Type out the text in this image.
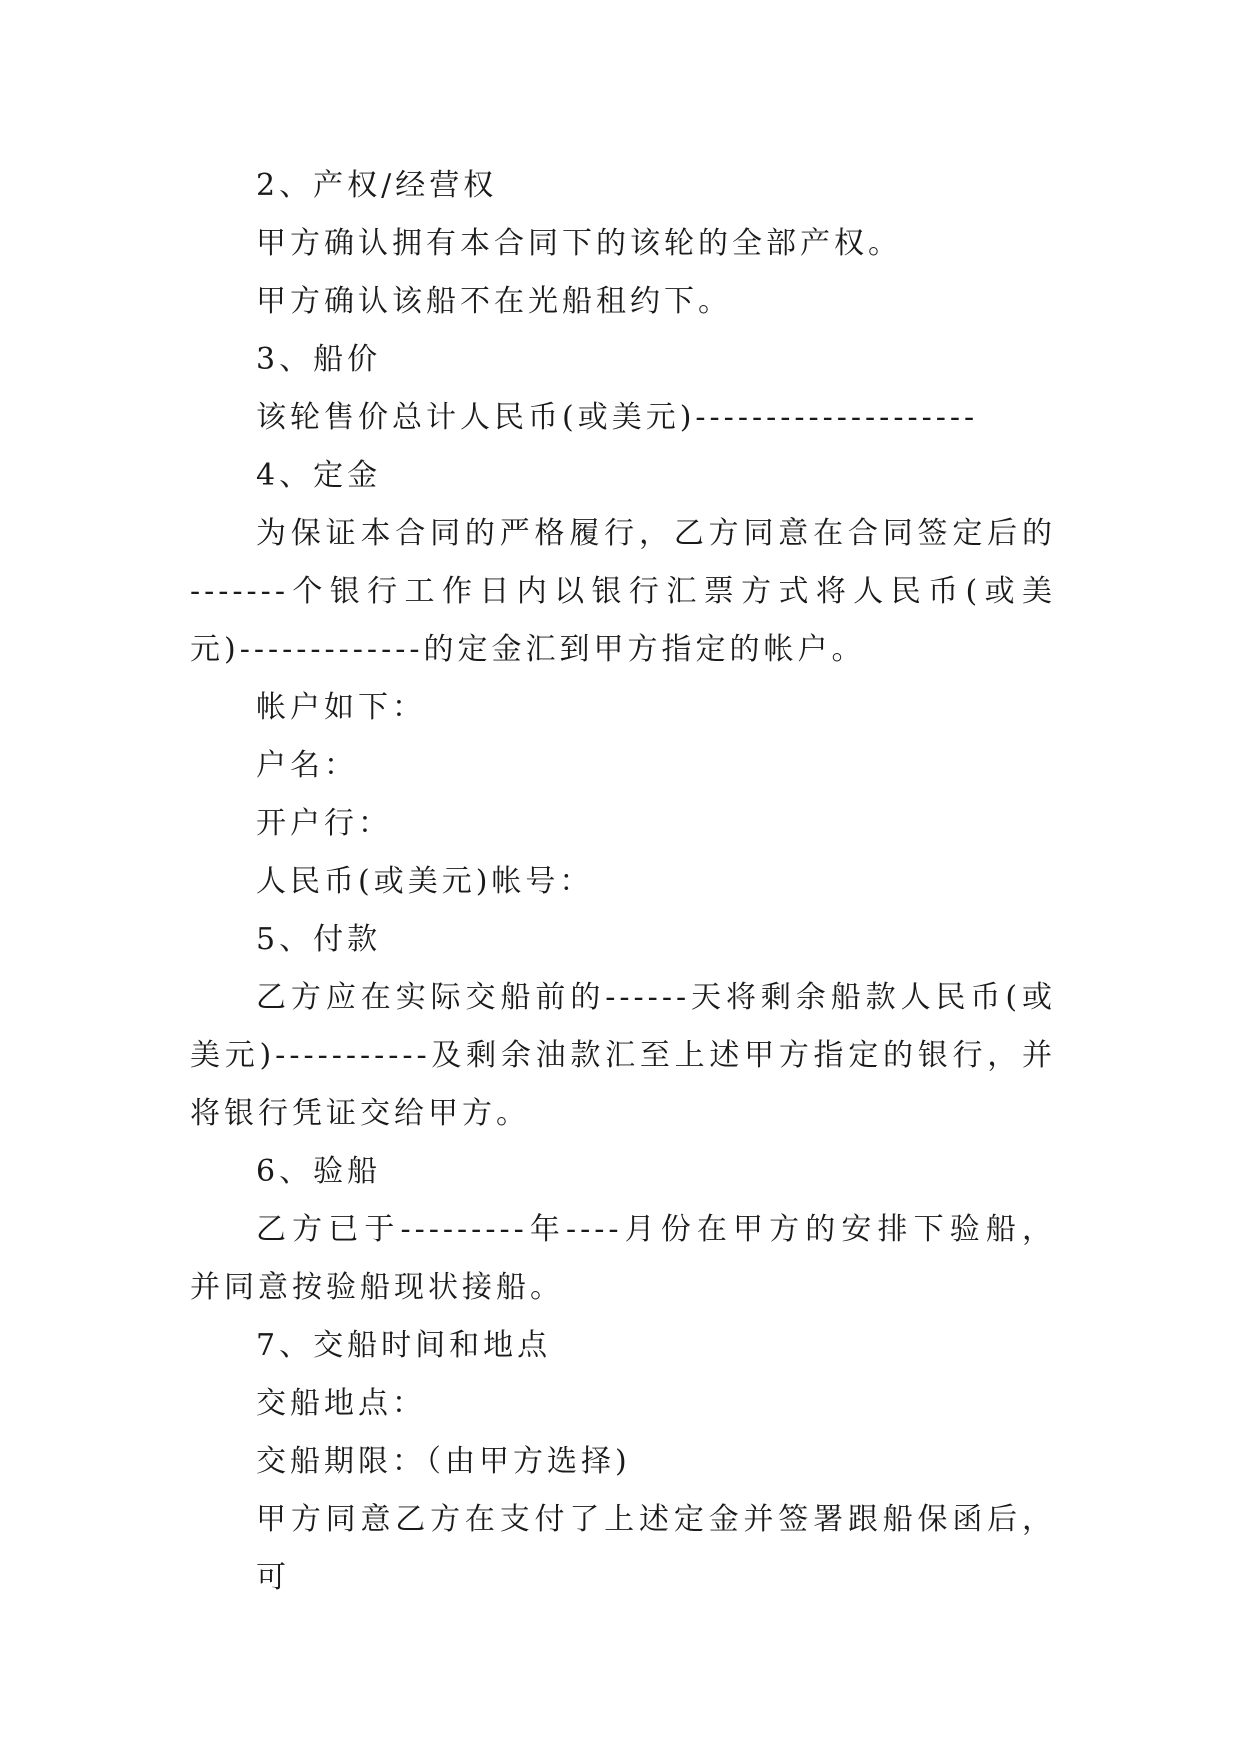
2、产权/经营权
甲方确认拥有本合同下的该轮的全部产权。
甲方确认该船不在光船租约下。
3、船价
该轮售价总计人民币(或美元)--------------------
4、定金
为保证本合同的严格履行，乙方同意在合同签定后的
-------个银行工作日内以银行汇票方式将人民币(或美
元)-------------的定金汇到甲方指定的帐户。
帐户如下：
户名：
开户行：
人民币(或美元)帐号：
5、付款
乙方应在实际交船前的------天将剩余船款人民币(或
美元)-----------及剩余油款汇至上述甲方指定的银行，并
将银行凭证交给甲方。
6、验船
乙方已于---------年----月份在甲方的安排下验船，
并同意按验船现状接船。
7、交船时间和地点
交船地点：
交船期限：（由甲方选择)
甲方同意乙方在支付了上述定金并签署跟船保函后，可
